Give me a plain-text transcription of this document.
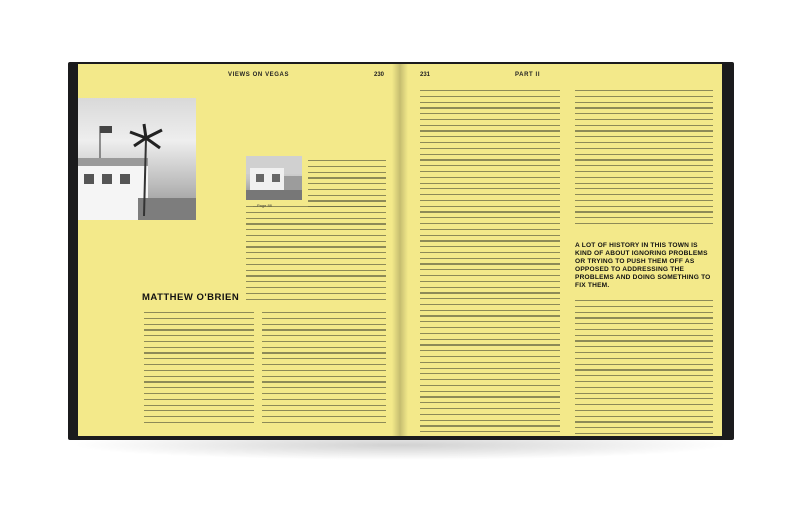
VIEWS ON VEGAS	230
MATTHEW O'BRIEN
231	PART II
A LOT OF HISTORY IN THIS TOWN IS KIND OF ABOUT IGNORING PROBLEMS OR TRYING TO PUSH THEM OFF AS OPPOSED TO ADDRESSING THE PROBLEMS AND DOING SOMETHING TO FIX THEM.
